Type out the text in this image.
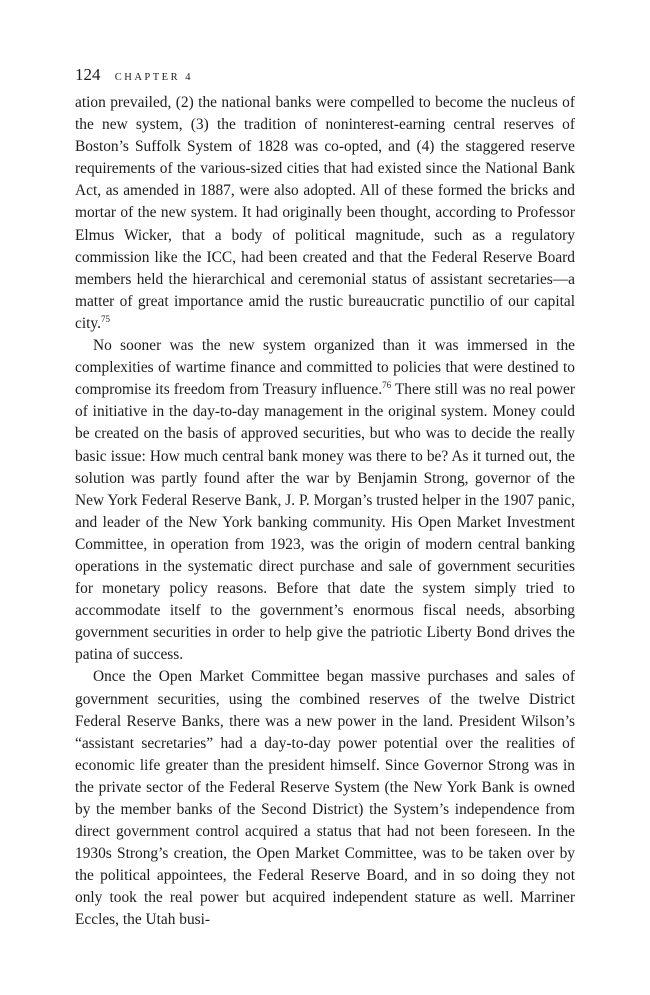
124 CHAPTER 4

ation prevailed, (2) the national banks were compelled to become the nucleus of the new system, (3) the tradition of noninterest-earning central reserves of Boston’s Suffolk System of 1828 was co-opted, and (4) the staggered reserve requirements of the various-sized cities that had existed since the National Bank Act, as amended in 1887, were also adopted. All of these formed the bricks and mortar of the new system. It had originally been thought, according to Professor Elmus Wicker, that a body of political magnitude, such as a regulatory commission like the ICC, had been created and that the Federal Reserve Board members held the hierarchical and ceremonial status of assistant secretaries—a matter of great importance amid the rustic bureaucratic punctilio of our capital city.$^{75}$

No sooner was the new system organized than it was immersed in the complexities of wartime finance and committed to policies that were destined to compromise its freedom from Treasury influence.$^{76}$ There still was no real power of initiative in the day-to-day management in the original system. Money could be created on the basis of approved securities, but who was to decide the really basic issue: How much central bank money was there to be? As it turned out, the solution was partly found after the war by Benjamin Strong, governor of the New York Federal Reserve Bank, J. P. Morgan’s trusted helper in the 1907 panic, and leader of the New York banking community. His Open Market Investment Committee, in operation from 1923, was the origin of modern central banking operations in the systematic direct purchase and sale of government securities for monetary policy reasons. Before that date the system simply tried to accommodate itself to the government’s enormous fiscal needs, absorbing government securities in order to help give the patriotic Liberty Bond drives the patina of success.

Once the Open Market Committee began massive purchases and sales of government securities, using the combined reserves of the twelve District Federal Reserve Banks, there was a new power in the land. President Wilson’s “assistant secretaries” had a day-to-day power potential over the realities of economic life greater than the president himself. Since Governor Strong was in the private sector of the Federal Reserve System (the New York Bank is owned by the member banks of the Second District) the System’s independence from direct government control acquired a status that had not been foreseen. In the 1930s Strong’s creation, the Open Market Committee, was to be taken over by the political appointees, the Federal Reserve Board, and in so doing they not only took the real power but acquired independent stature as well. Marriner Eccles, the Utah busi-
